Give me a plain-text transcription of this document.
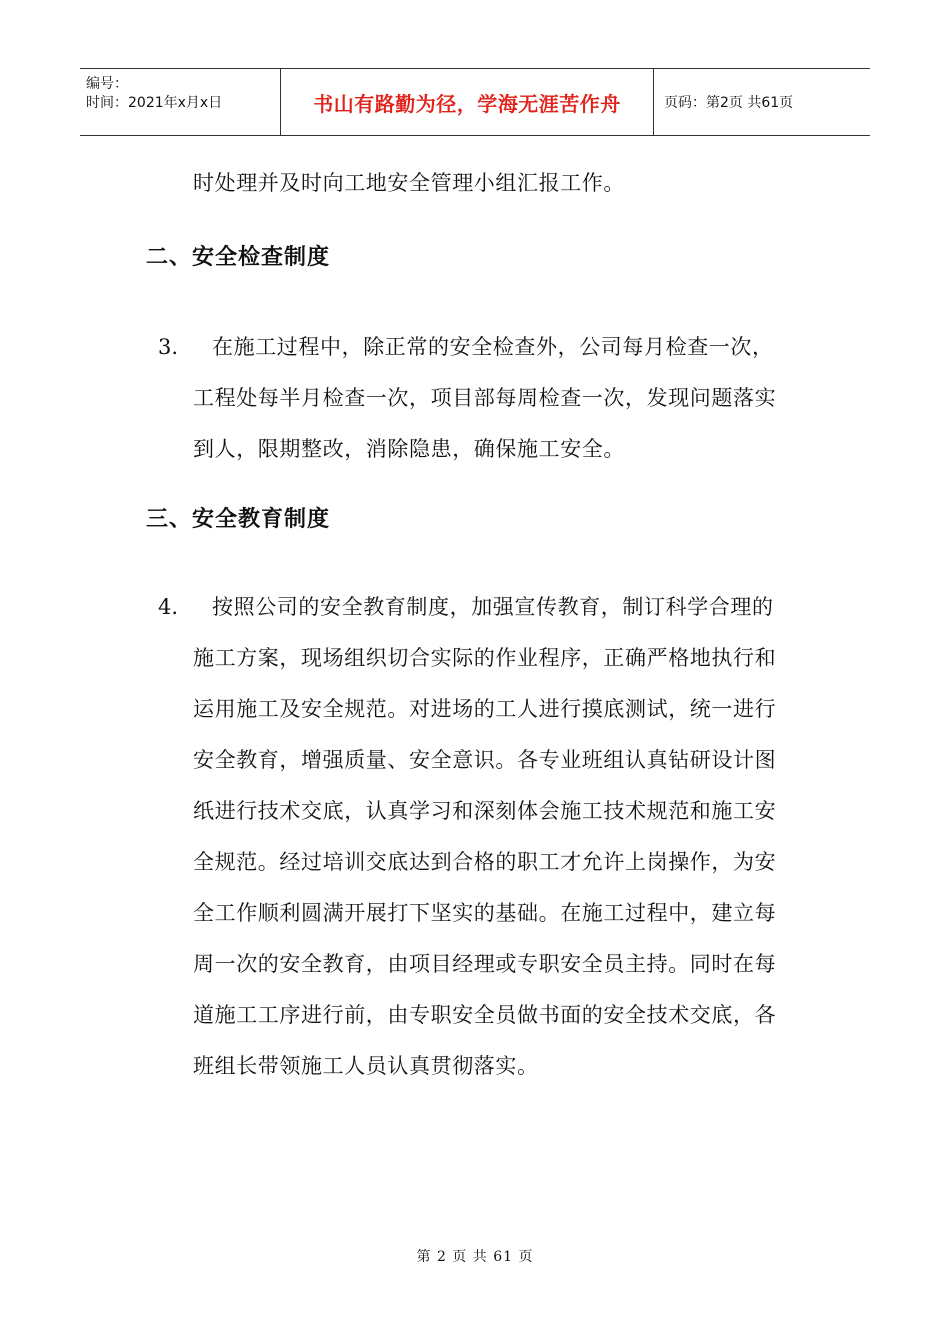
编号：
时间：2021年x月x日	书山有路勤为径，学海无涯苦作舟	页码：第2页 共61页
时处理并及时向工地安全管理小组汇报工作。
二、安全检查制度
3.	在施工过程中，除正常的安全检查外，公司每月检查一次，
工程处每半月检查一次，项目部每周检查一次，发现问题落实
到人，限期整改，消除隐患，确保施工安全。
三、安全教育制度
4.	按照公司的安全教育制度，加强宣传教育，制订科学合理的
施工方案，现场组织切合实际的作业程序，正确严格地执行和
运用施工及安全规范。对进场的工人进行摸底测试，统一进行
安全教育，增强质量、安全意识。各专业班组认真钻研设计图
纸进行技术交底，认真学习和深刻体会施工技术规范和施工安
全规范。经过培训交底达到合格的职工才允许上岗操作，为安
全工作顺利圆满开展打下坚实的基础。在施工过程中，建立每
周一次的安全教育，由项目经理或专职安全员主持。同时在每
道施工工序进行前，由专职安全员做书面的安全技术交底，各
班组长带领施工人员认真贯彻落实。
第 2 页 共 61 页
